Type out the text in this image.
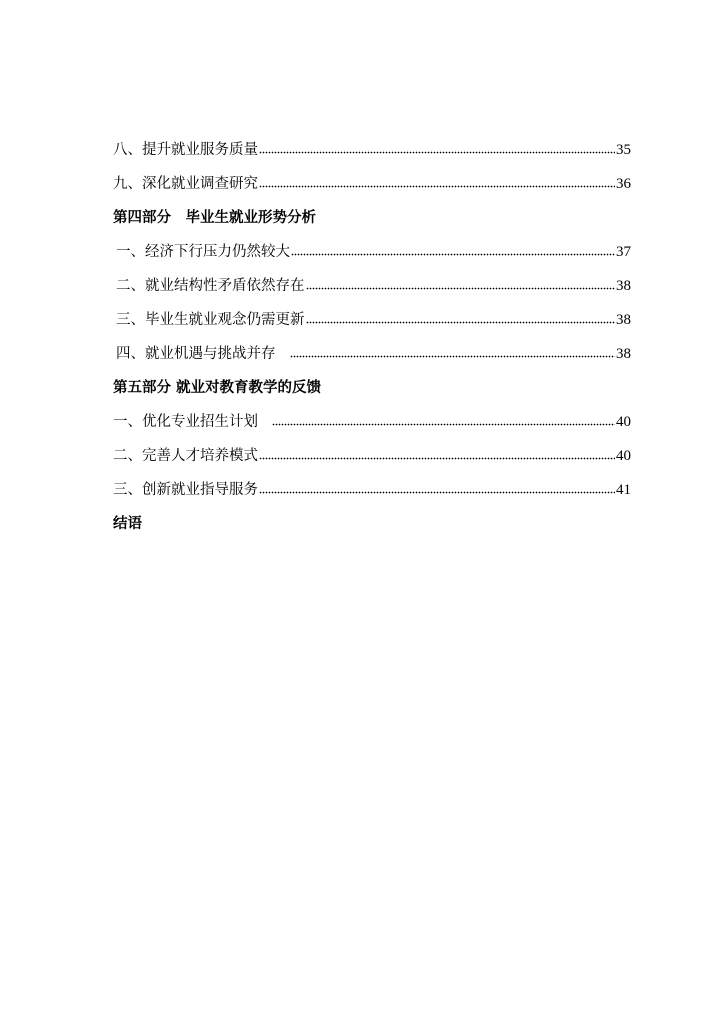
八、提升就业服务质量	35
九、深化就业调查研究	36
第四部分　毕业生就业形势分析
一、经济下行压力仍然较大	37
二、就业结构性矛盾依然存在	38
三、毕业生就业观念仍需更新	38
四、就业机遇与挑战并存	38
第五部分 就业对教育教学的反馈
一、优化专业招生计划	40
二、完善人才培养模式	40
三、创新就业指导服务	41
结语
